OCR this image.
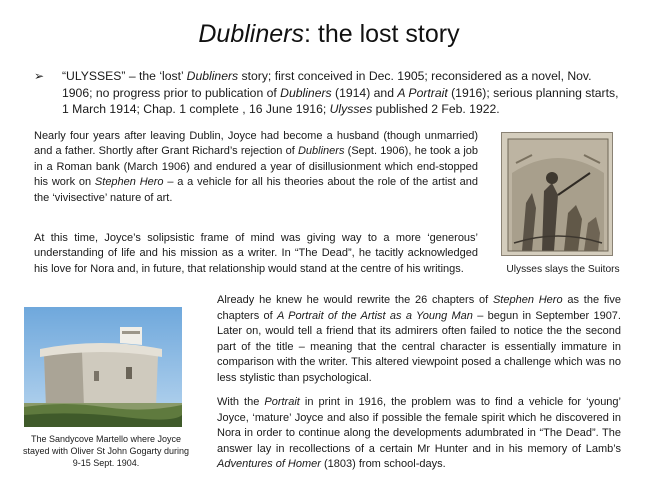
Dubliners: the lost story
➢	“ULYSSES” – the ‘lost’ Dubliners story; first conceived in Dec. 1905; reconsidered as a novel, Nov. 1906; no progress prior to publication of Dubliners (1914) and A Portrait (1916); serious planning starts, 1 March 1914; Chap. 1 complete , 16 June 1916; Ulysses published 2 Feb. 1922.
Nearly four years after leaving Dublin, Joyce had become a husband (though unmarried) and a father. Shortly after Grant Richard’s rejection of Dubliners (Sept. 1906), he took a job in a Roman bank (March 1906) and endured a year of disillusionment which end-stopped his work on Stephen Hero – a a vehicle for all his theories about the role of the artist and the ‘vivisective’ nature of art.
At this time, Joyce’s solipsistic frame of mind was giving way to a more ‘generous’ understanding of life and his mission as a writer. In “The Dead”, he tacitly acknowledged his love for Nora and, in future, that relationship would stand at the centre of his writings.	Ulysses slays the Suitors
The Sandycove Martello where Joyce stayed with Oliver St John Gogarty during 9-15 Sept. 1904.
Already he knew he would rewrite the 26 chapters of Stephen Hero as the five chapters of A Portrait of the Artist as a Young Man – begun in September 1907. Later on, would tell a friend that its admirers often failed to notice the the second part of the title – meaning that the central character is essentially immature in comparison with the writer. This altered viewpoint posed a challenge which was no less stylistic than psychological.
With the Portrait in print in 1916, the problem was to find a vehicle for ‘young’ Joyce, ‘mature’ Joyce and also if possible the female spirit which he discovered in Nora in order to continue along the developments adumbrated in “The Dead”. The answer lay in recollections of a certain Mr Hunter and in his memory of Lamb’s Adventures of Homer (1803) from school-days.
